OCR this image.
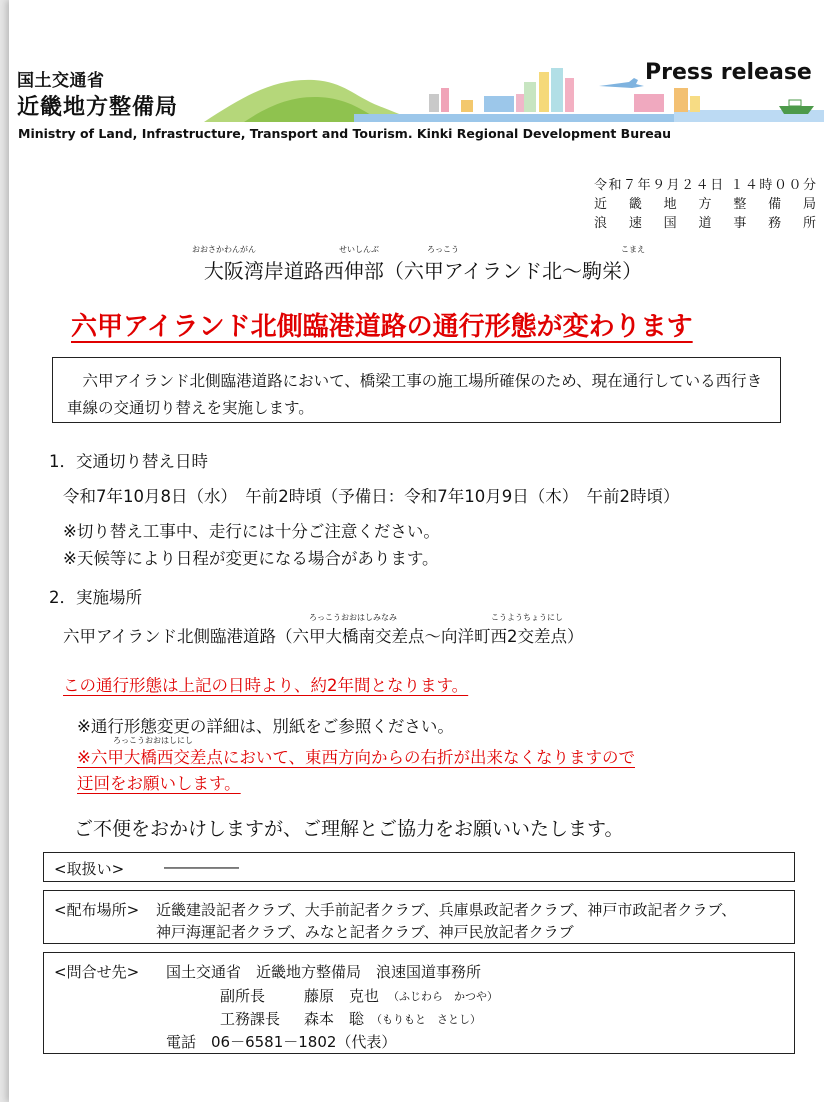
国土交通省
近畿地方整備局
Press release
Ministry of Land, Infrastructure, Transport and Tourism. Kinki Regional Development Bureau
令和７年９月２４日 １４時００分
近畿地方整備局
浪速国道事務所
おおさかわんがん	せいしんぶ	ろっこう	こまえ
大阪湾岸道路西伸部（六甲アイランド北～駒栄）
六甲アイランド北側臨港道路の通行形態が変わります
　六甲アイランド北側臨港道路において、橋梁工事の施工場所確保のため、現在通行している西行き車線の交通切り替えを実施します。
1．交通切り替え日時
令和7年10月8日（水）　午前2時頃（予備日：令和7年10月9日（木）　午前2時頃）
※切り替え工事中、走行には十分ご注意ください。
※天候等により日程が変更になる場合があります。
2．実施場所
ろっこうおおはしみなみ	こうようちょうにし
六甲アイランド北側臨港道路（六甲大橋南交差点～向洋町西2交差点）
この通行形態は上記の日時より、約2年間となります。
※通行形態変更の詳細は、別紙をご参照ください。
ろっこうおおはしにし
※六甲大橋西交差点において、東西方向からの右折が出来なくなりますので
迂回をお願いします。
ご不便をおかけしますが、ご理解とご協力をお願いいたします。
<取扱い>	―――――
<配布場所> 近畿建設記者クラブ、大手前記者クラブ、兵庫県政記者クラブ、神戸市政記者クラブ、
神戸海運記者クラブ、みなと記者クラブ、神戸民放記者クラブ
<問合せ先> 国土交通省　近畿地方整備局　浪速国道事務所
副所長	藤原　克也 （ふじわら　かつや）
工務課長 森本　聡 （もりもと　さとし）
電話　06－6581－1802（代表）
